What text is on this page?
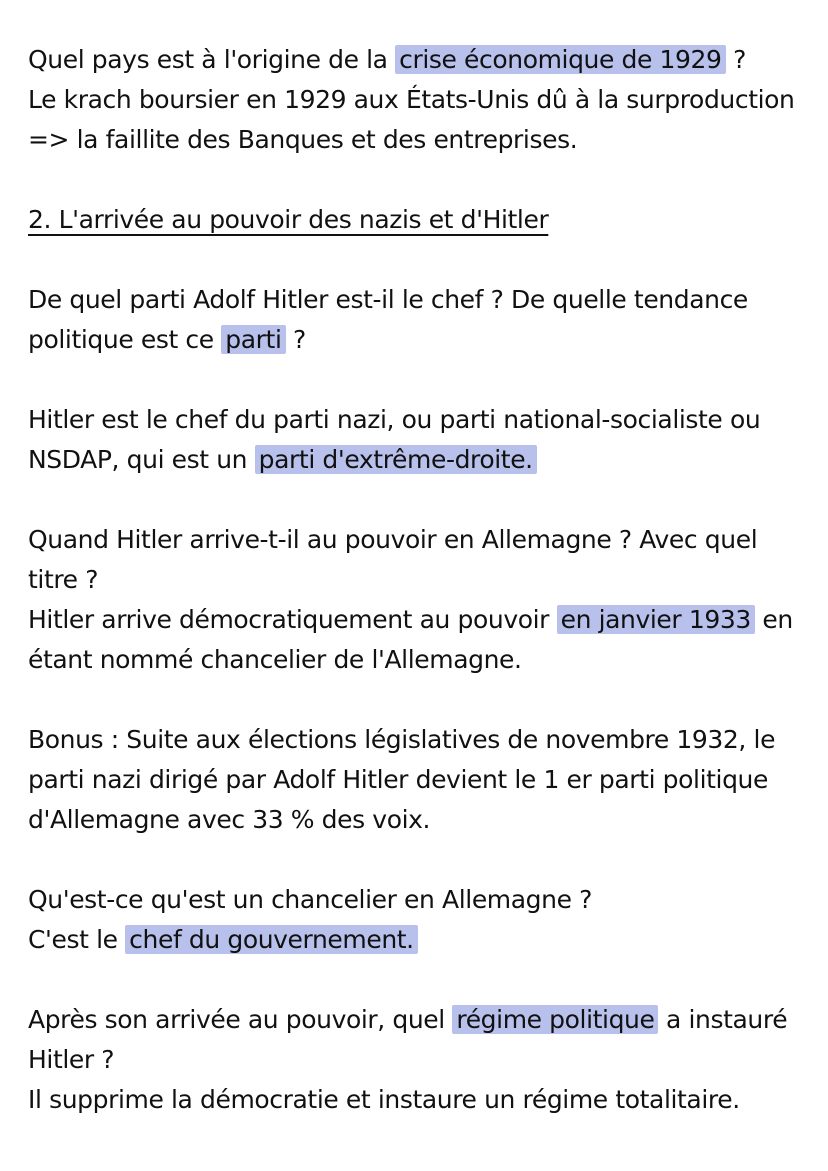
Quel pays est à l'origine de la crise économique de 1929 ?
Le krach boursier en 1929 aux États-Unis dû à la surproduction
=> la faillite des Banques et des entreprises.
2. L'arrivée au pouvoir des nazis et d'Hitler
De quel parti Adolf Hitler est-il le chef ? De quelle tendance
politique est ce parti ?
Hitler est le chef du parti nazi, ou parti national-socialiste ou
NSDAP, qui est un parti d'extrême-droite.
Quand Hitler arrive-t-il au pouvoir en Allemagne ? Avec quel
titre ?
Hitler arrive démocratiquement au pouvoir en janvier 1933 en
étant nommé chancelier de l'Allemagne.
Bonus : Suite aux élections législatives de novembre 1932, le
parti nazi dirigé par Adolf Hitler devient le 1 er parti politique
d'Allemagne avec 33 % des voix.
Qu'est-ce qu'est un chancelier en Allemagne ?
C'est le chef du gouvernement.
Après son arrivée au pouvoir, quel régime politique a instauré
Hitler ?
Il supprime la démocratie et instaure un régime totalitaire.
